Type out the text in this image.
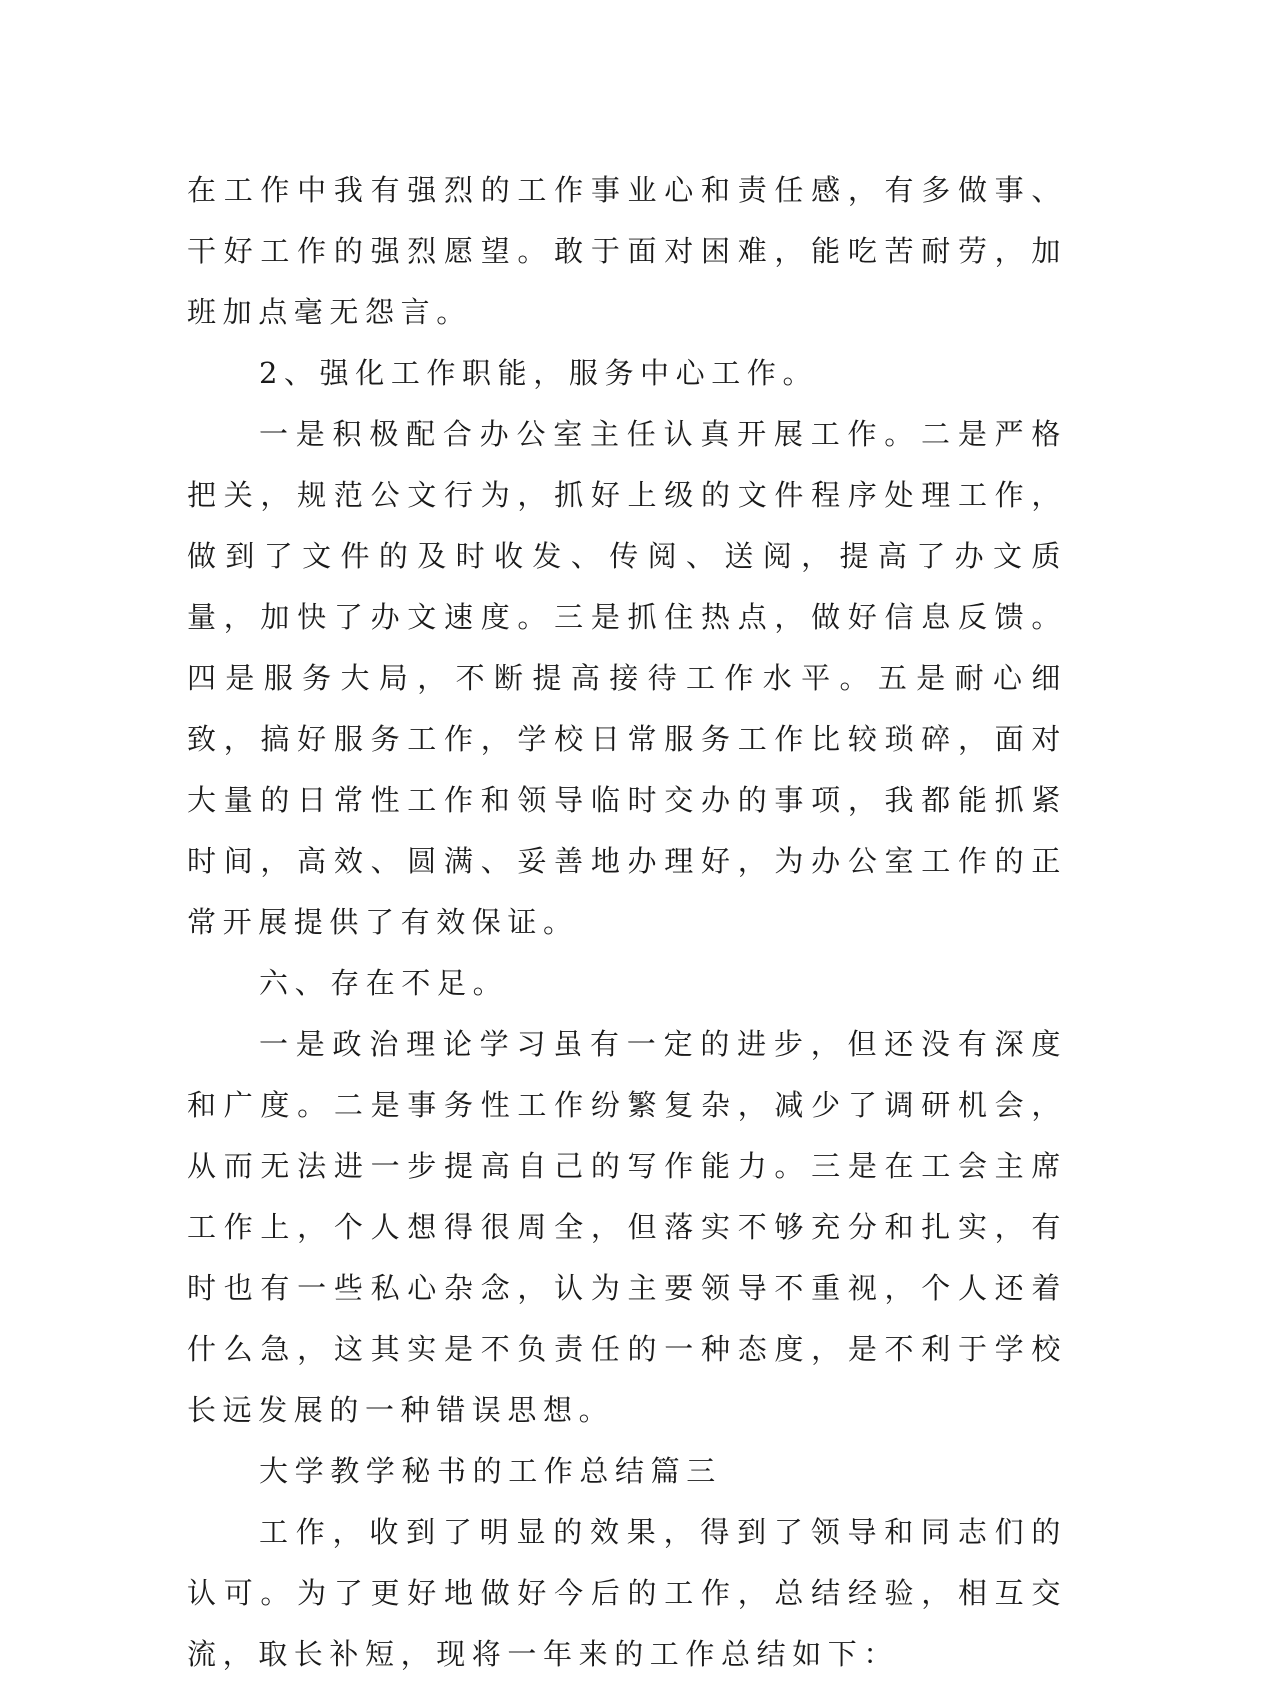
在工作中我有强烈的工作事业心和责任感，有多做事、干好工作的强烈愿望。敢于面对困难，能吃苦耐劳，加班加点毫无怨言。

2、强化工作职能，服务中心工作。

一是积极配合办公室主任认真开展工作。二是严格把关，规范公文行为，抓好上级的文件程序处理工作，做到了文件的及时收发、传阅、送阅，提高了办文质量，加快了办文速度。三是抓住热点，做好信息反馈。四是服务大局，不断提高接待工作水平。五是耐心细致，搞好服务工作，学校日常服务工作比较琐碎，面对大量的日常性工作和领导临时交办的事项，我都能抓紧时间，高效、圆满、妥善地办理好，为办公室工作的正常开展提供了有效保证。

六、存在不足。

一是政治理论学习虽有一定的进步，但还没有深度和广度。二是事务性工作纷繁复杂，减少了调研机会，从而无法进一步提高自己的写作能力。三是在工会主席工作上，个人想得很周全，但落实不够充分和扎实，有时也有一些私心杂念，认为主要领导不重视，个人还着什么急，这其实是不负责任的一种态度，是不利于学校长远发展的一种错误思想。

大学教学秘书的工作总结篇三

工作，收到了明显的效果，得到了领导和同志们的认可。为了更好地做好今后的工作，总结经验，相互交流，取长补短，现将一年来的工作总结如下：
